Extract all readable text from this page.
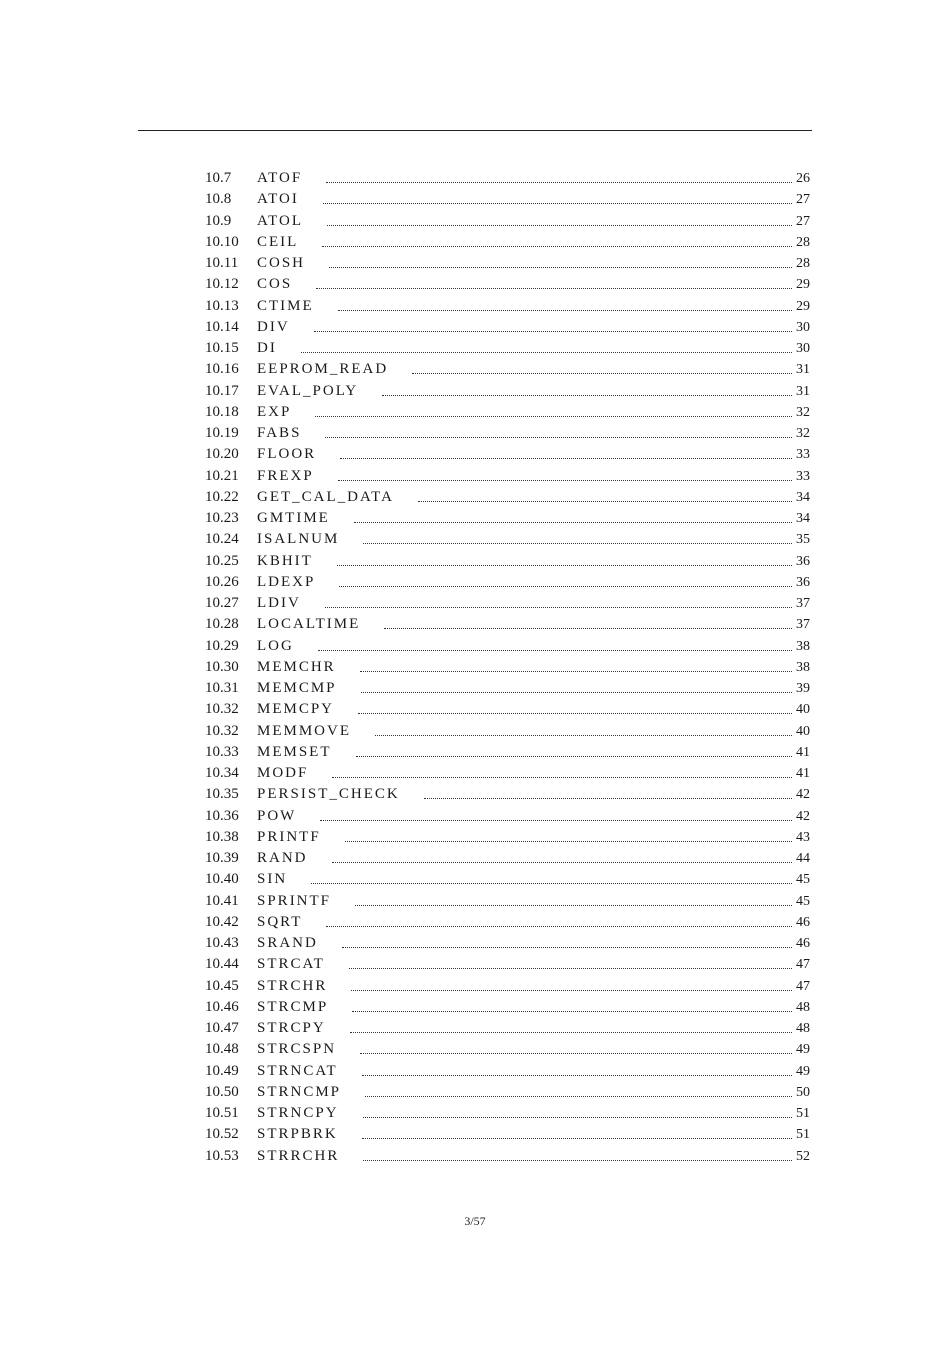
10.7	ATOF	26
10.8	ATOI	27
10.9	ATOL	27
10.10	CEIL	28
10.11	COSH	28
10.12	COS	29
10.13	CTIME	29
10.14	DIV	30
10.15	DI	30
10.16	EEPROM_READ	31
10.17	EVAL_POLY	31
10.18	EXP	32
10.19	FABS	32
10.20	FLOOR	33
10.21	FREXP	33
10.22	GET_CAL_DATA	34
10.23	GMTIME	34
10.24	ISALNUM	35
10.25	KBHIT	36
10.26	LDEXP	36
10.27	LDIV	37
10.28	LOCALTIME	37
10.29	LOG	38
10.30	MEMCHR	38
10.31	MEMCMP	39
10.32	MEMCPY	40
10.32	MEMMOVE	40
10.33	MEMSET	41
10.34	MODF	41
10.35	PERSIST_CHECK	42
10.36	POW	42
10.38	PRINTF	43
10.39	RAND	44
10.40	SIN	45
10.41	SPRINTF	45
10.42	SQRT	46
10.43	SRAND	46
10.44	STRCAT	47
10.45	STRCHR	47
10.46	STRCMP	48
10.47	STRCPY	48
10.48	STRCSPN	49
10.49	STRNCAT	49
10.50	STRNCMP	50
10.51	STRNCPY	51
10.52	STRPBRK	51
10.53	STRRCHR	52
3/57
